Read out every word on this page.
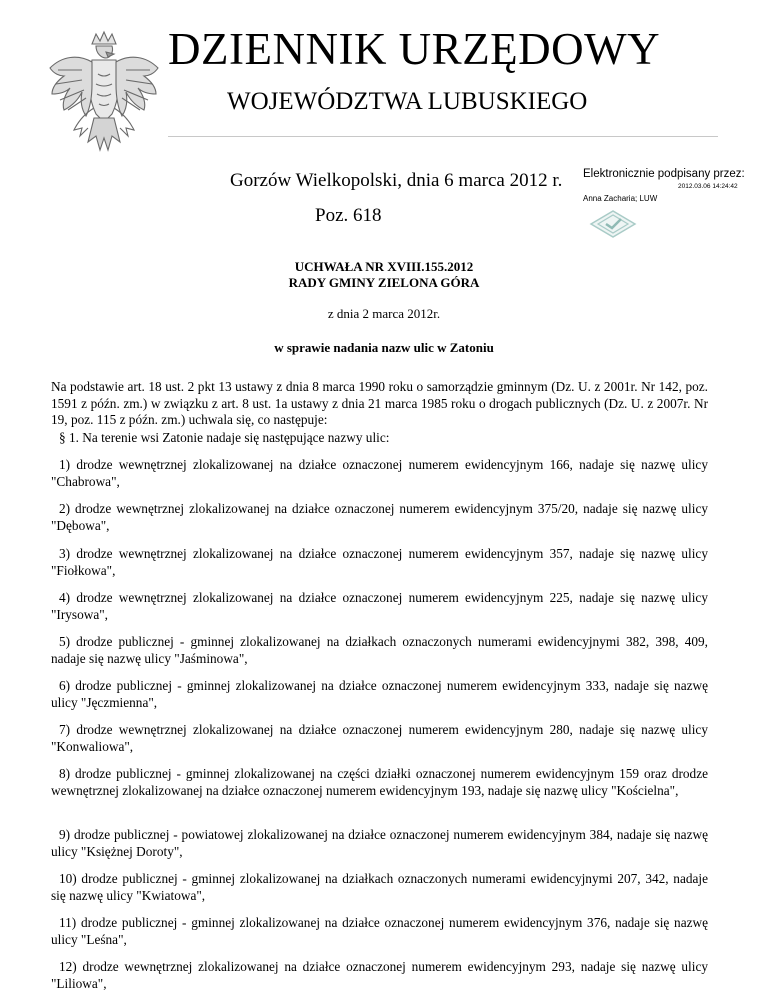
DZIENNIK URZĘDOWY
WOJEWÓDZTWA LUBUSKIEGO
Gorzów Wielkopolski, dnia 6 marca 2012 r.
Poz. 618
Elektronicznie podpisany przez:
2012.03.06 14:24:42
Anna Zacharia; LUW
UCHWAŁA NR XVIII.155.2012
RADY GMINY ZIELONA GÓRA
z dnia 2 marca 2012r.
w sprawie nadania nazw ulic w Zatoniu
Na podstawie art. 18 ust. 2 pkt 13 ustawy z dnia 8 marca 1990 roku o samorządzie gminnym (Dz. U. z 2001r. Nr 142, poz. 1591 z późn. zm.) w związku z art. 8 ust. 1a ustawy z dnia 21 marca 1985 roku o drogach publicznych (Dz. U. z 2007r. Nr 19, poz. 115 z późn. zm.) uchwala się, co następuje:
§ 1. Na terenie wsi Zatonie nadaje się następujące nazwy ulic:
1) drodze wewnętrznej zlokalizowanej na działce oznaczonej numerem ewidencyjnym 166, nadaje się nazwę ulicy "Chabrowa",
2) drodze wewnętrznej zlokalizowanej na działce oznaczonej numerem ewidencyjnym 375/20, nadaje się nazwę ulicy "Dębowa",
3) drodze wewnętrznej zlokalizowanej na działce oznaczonej numerem ewidencyjnym 357, nadaje się nazwę ulicy "Fiołkowa",
4) drodze wewnętrznej zlokalizowanej na działce oznaczonej numerem ewidencyjnym 225, nadaje się nazwę ulicy "Irysowa",
5) drodze publicznej - gminnej zlokalizowanej na działkach oznaczonych numerami ewidencyjnymi 382, 398, 409, nadaje się nazwę ulicy "Jaśminowa",
6) drodze publicznej - gminnej zlokalizowanej na działce oznaczonej numerem ewidencyjnym 333, nadaje się nazwę ulicy "Jęczmienna",
7) drodze wewnętrznej zlokalizowanej na działce oznaczonej numerem ewidencyjnym 280, nadaje się nazwę ulicy "Konwaliowa",
8) drodze publicznej - gminnej zlokalizowanej na części działki oznaczonej numerem ewidencyjnym 159 oraz drodze wewnętrznej zlokalizowanej na działce oznaczonej numerem ewidencyjnym 193, nadaje się nazwę ulicy "Kościelna",
9) drodze publicznej - powiatowej zlokalizowanej na działce oznaczonej numerem ewidencyjnym 384, nadaje się nazwę ulicy "Księżnej Doroty",
10) drodze publicznej - gminnej zlokalizowanej na działkach oznaczonych numerami ewidencyjnymi 207, 342, nadaje się nazwę ulicy "Kwiatowa",
11) drodze publicznej - gminnej zlokalizowanej na działce oznaczonej numerem ewidencyjnym 376, nadaje się nazwę ulicy "Leśna",
12) drodze wewnętrznej zlokalizowanej na działce oznaczonej numerem ewidencyjnym 293, nadaje się nazwę ulicy "Liliowa",
